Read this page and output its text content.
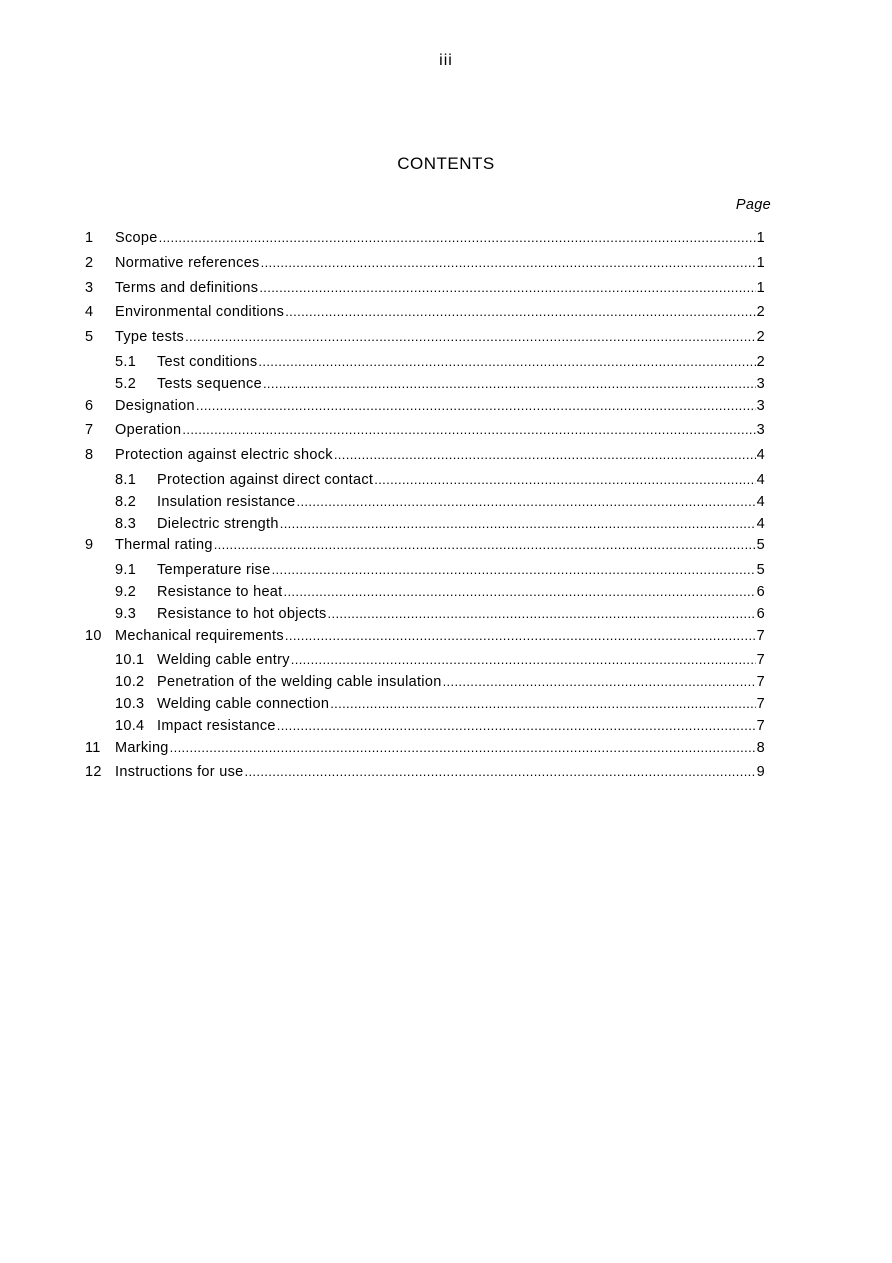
iii
CONTENTS
Page
1	Scope .....	1
2	Normative references .....	1
3	Terms and definitions .....	1
4	Environmental conditions .....	2
5	Type tests .....	2
5.1	Test conditions .....	2
5.2	Tests sequence .....	3
6	Designation .....	3
7	Operation .....	3
8	Protection against electric shock .....	4
8.1	Protection against direct contact .....	4
8.2	Insulation resistance .....	4
8.3	Dielectric strength .....	4
9	Thermal rating .....	5
9.1	Temperature rise .....	5
9.2	Resistance to heat .....	6
9.3	Resistance to hot objects .....	6
10 Mechanical requirements .....	7
10.1 Welding cable entry .....	7
10.2 Penetration of the welding cable insulation .....	7
10.3 Welding cable connection .....	7
10.4 Impact resistance .....	7
11 Marking .....	8
12 Instructions for use .....	9
